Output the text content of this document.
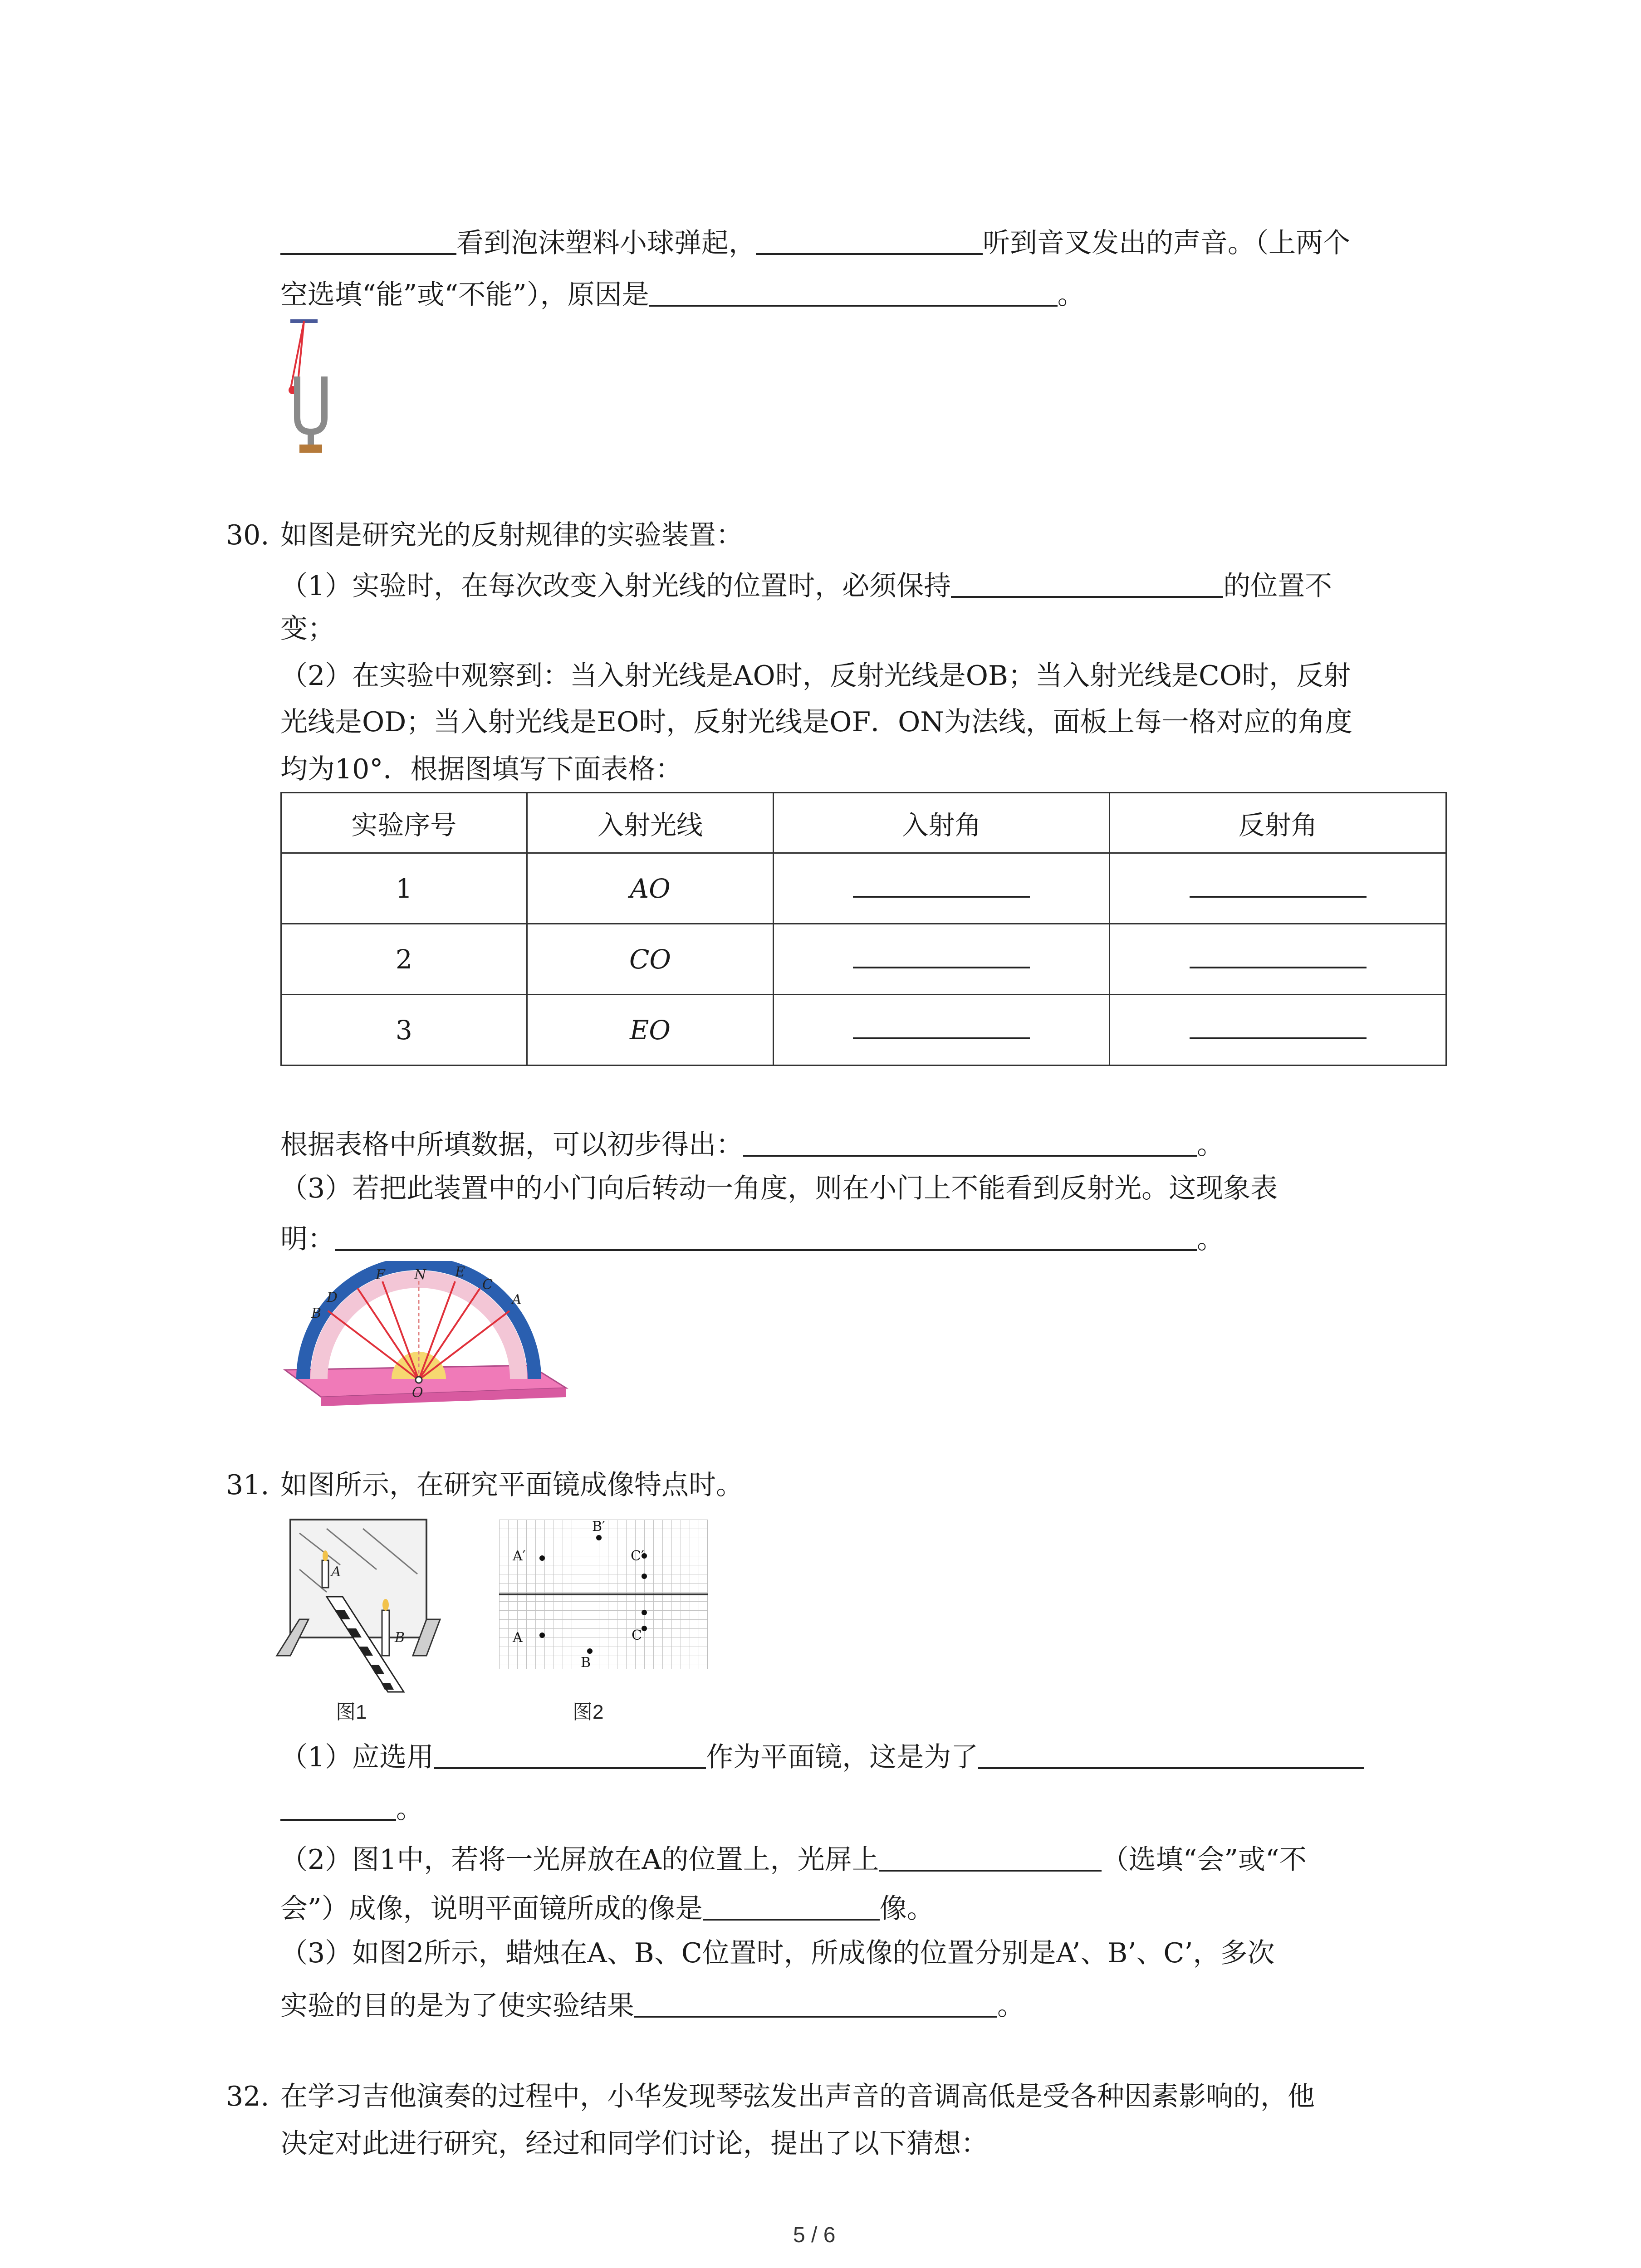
看到泡沫塑料小球弹起，	听到音叉发出的声音。（上两个
空选填“能”或“不能”），原因是	。
30. 如图是研究光的反射规律的实验装置：
（1）实验时，在每次改变入射光线的位置时，必须保持	的位置不
变；
（2）在实验中观察到：当入射光线是AO时，反射光线是OB；当入射光线是CO时，反射
光线是OD；当入射光线是EO时，反射光线是OF．ON为法线，面板上每一格对应的角度
均为10°．根据图填写下面表格：
实验序号	入射光线	入射角	反射角
1	AO		
2	CO		
3	EO		
根据表格中所填数据，可以初步得出：	。
（3）若把此装置中的小门向后转动一角度，则在小门上不能看到反射光。这现象表
明：	。
F N E
C
A
D
B
O
31. 如图所示，在研究平面镜成像特点时。
A
B
图1
B′
A′	C′
A
B
C
图2
（1）应选用	作为平面镜，这是为了
。
（2）图1中，若将一光屏放在A的位置上，光屏上	（选填“会”或“不
会”）成像，说明平面镜所成的像是	像。
（3）如图2所示，蜡烛在A、B、C位置时，所成像的位置分别是A’、B’、C’，多次
实验的目的是为了使实验结果	。
32. 在学习吉他演奏的过程中，小华发现琴弦发出声音的音调高低是受各种因素影响的，他
决定对此进行研究，经过和同学们讨论，提出了以下猜想：
5 / 6
